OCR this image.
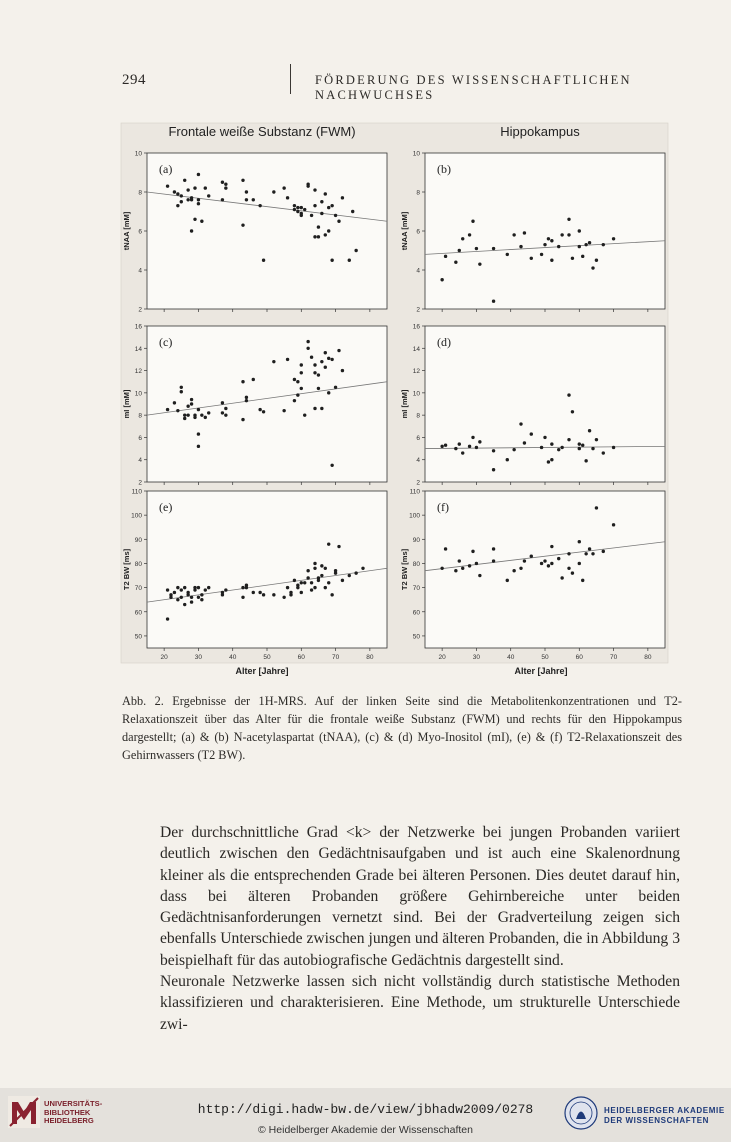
294	FÖRDERUNG DES WISSENSCHAFTLICHEN NACHWUCHSES
Frontale weiße Substanz (FWM)	Hippokampus
2
4
6
8
10
tNAA [mM]
(a)
2
4
6
8
10
tNAA [mM]
(b)
2
4
6
8
10
12
14
16
mI [mM]
(c)
2
4
6
8
10
12
14
16
mI [mM]
(d)
50
60
70
80
90
100
110
20	30	40	50	60	70	80
T2 BW [ms]
(e)
50
60
70
80
90
100
110
20	30	40	50	60	70	80
T2 BW [ms]
(f)
Alter [Jahre]	Alter [Jahre]
Abb. 2. Ergebnisse der 1H-MRS. Auf der linken Seite sind die Metabolitenkonzentrationen und T2-Relaxationszeit über das Alter für die frontale weiße Substanz (FWM) und rechts für den Hippokampus dargestellt; (a) & (b) N-acetylaspartat (tNAA), (c) & (d) Myo-Inositol (mI), (e) & (f) T2-Relaxationszeit des Gehirnwassers (T2 BW).

Der durchschnittliche Grad <k> der Netzwerke bei jungen Probanden variiert deutlich zwischen den Gedächtnisaufgaben und ist auch eine Skalenordnung kleiner als die entsprechenden Grade bei älteren Personen. Dies deutet darauf hin, dass bei älteren Probanden größere Gehirnbereiche unter beiden Gedächtnisanforderungen vernetzt sind. Bei der Gradverteilung zeigen sich ebenfalls Unterschiede zwischen jungen und älteren Probanden, die in Abbildung 3 beispielhaft für das autobiografische Gedächtnis dargestellt sind.

Neuronale Netzwerke lassen sich nicht vollständig durch statistische Methoden klassifizieren und charakterisieren. Eine Methode, um strukturelle Unterschiede zwi-

UNIVERSITÄTS-
BIBLIOTHEK
HEIDELBERG
http://digi.hadw-bw.de/view/jbhadw2009/0278
© Heidelberger Akademie der Wissenschaften
HEIDELBERGER AKADEMIE
DER WISSENSCHAFTEN
